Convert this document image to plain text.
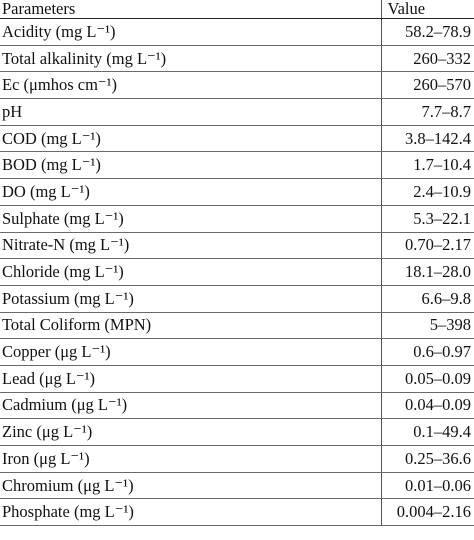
Parameters	Value
Acidity (mg L⁻¹)	58.2–78.9
Total alkalinity (mg L⁻¹)	260–332
Ec (μmhos cm⁻¹)	260–570
pH	7.7–8.7
COD (mg L⁻¹)	3.8–142.4
BOD (mg L⁻¹)	1.7–10.4
DO (mg L⁻¹)	2.4–10.9
Sulphate (mg L⁻¹)	5.3–22.1
Nitrate-N (mg L⁻¹)	0.70–2.17
Chloride (mg L⁻¹)	18.1–28.0
Potassium (mg L⁻¹)	6.6–9.8
Total Coliform (MPN)	5–398
Copper (μg L⁻¹)	0.6–0.97
Lead (μg L⁻¹)	0.05–0.09
Cadmium (μg L⁻¹)	0.04–0.09
Zinc (μg L⁻¹)	0.1–49.4
Iron (μg L⁻¹)	0.25–36.6
Chromium (μg L⁻¹)	0.01–0.06
Phosphate (mg L⁻¹)	0.004–2.16
